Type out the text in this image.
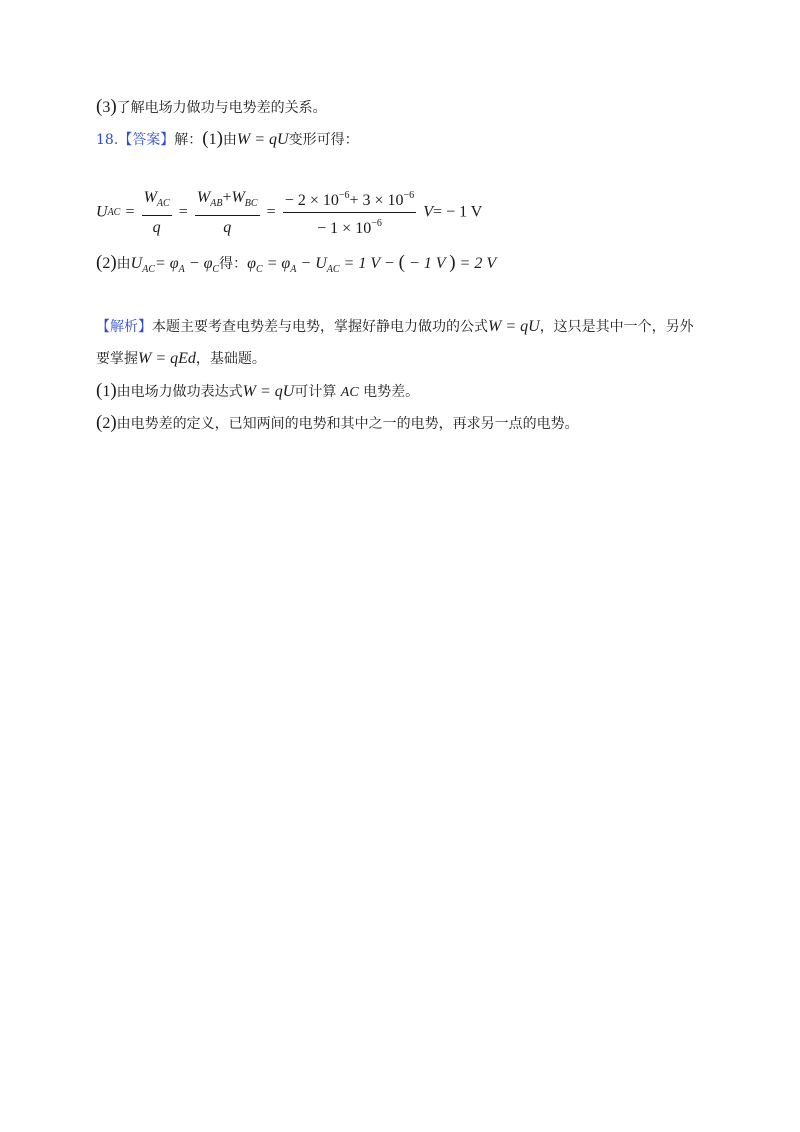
(3)了解电场力做功与电势差的关系。
18.【答案】解：(1)由W = qU变形可得：
UAC = $\frac{W_{AC}}{q} = \frac{W_{AB}+W_{BC}}{q} = \frac{- 2 \times 10^{-6}+ 3 \times 10^{-6}}{- 1 \times 10^{-6}} V= - 1$ V
(2)由$U_{AC}= \varphi_A - \varphi_C$得：$\varphi_C = \varphi_A - U_{AC} = 1$ V − ( − 1 V ) = 2 V
【解析】本题主要考查电势差与电势，掌握好静电力做功的公式W = qU，这只是其中一个，另外
要掌握W = qEd，基础题。
(1)由电场力做功表达式W = qU可计算 AC 电势差。
(2)由电势差的定义，已知两间的电势和其中之一的电势，再求另一点的电势。
